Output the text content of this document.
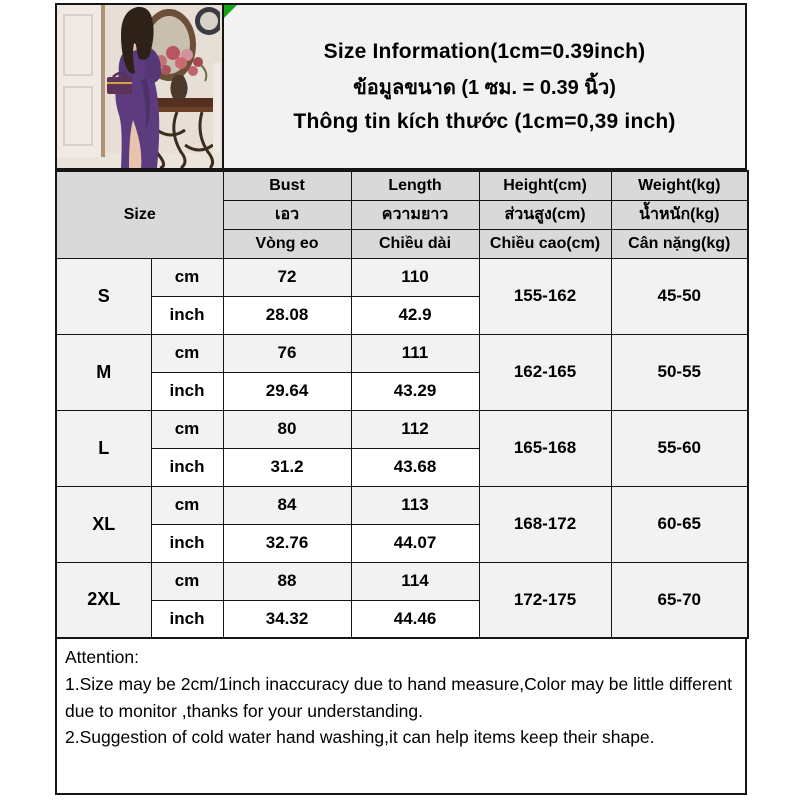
Size Information(1cm=0.39inch)
ข้อมูลขนาด (1 ซม. = 0.39 นิ้ว)
Thông tin kích thước (1cm=0,39 inch)
Size		Bust	Length	Height(cm)	Weight(kg)
		เอว	ความยาว	ส่วนสูง(cm)	น้ำหนัก(kg)
		Vòng eo	Chiều dài	Chiều cao(cm)	Cân nặng(kg)
S	cm	72	110	155-162	45-50
	inch	28.08	42.9		
M	cm	76	111	162-165	50-55
	inch	29.64	43.29		
L	cm	80	112	165-168	55-60
	inch	31.2	43.68		
XL	cm	84	113	168-172	60-65
	inch	32.76	44.07		
2XL	cm	88	114	172-175	65-70
	inch	34.32	44.46		

Attention:

1.Size may be 2cm/1inch inaccuracy due to hand measure,Color may be little different due to monitor ,thanks for your understanding.

2.Suggestion of cold water hand washing,it can help items keep their shape.
